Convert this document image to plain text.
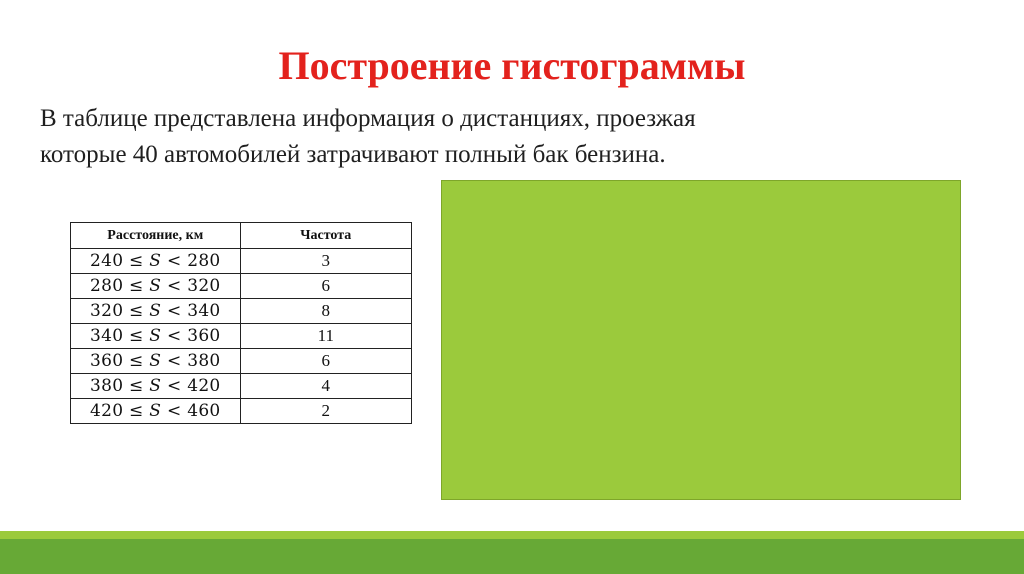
Построение гистограммы
В таблице представлена информация о дистанциях, проезжая
которые 40 автомобилей затрачивают полный бак бензина.
Расстояние, км	Частота
240 ≤ 𝑆 < 280	3
280 ≤ 𝑆 < 320	6
320 ≤ 𝑆 < 340	8
340 ≤ 𝑆 < 360	11
360 ≤ 𝑆 < 380	6
380 ≤ 𝑆 < 420	4
420 ≤ 𝑆 < 460	2
